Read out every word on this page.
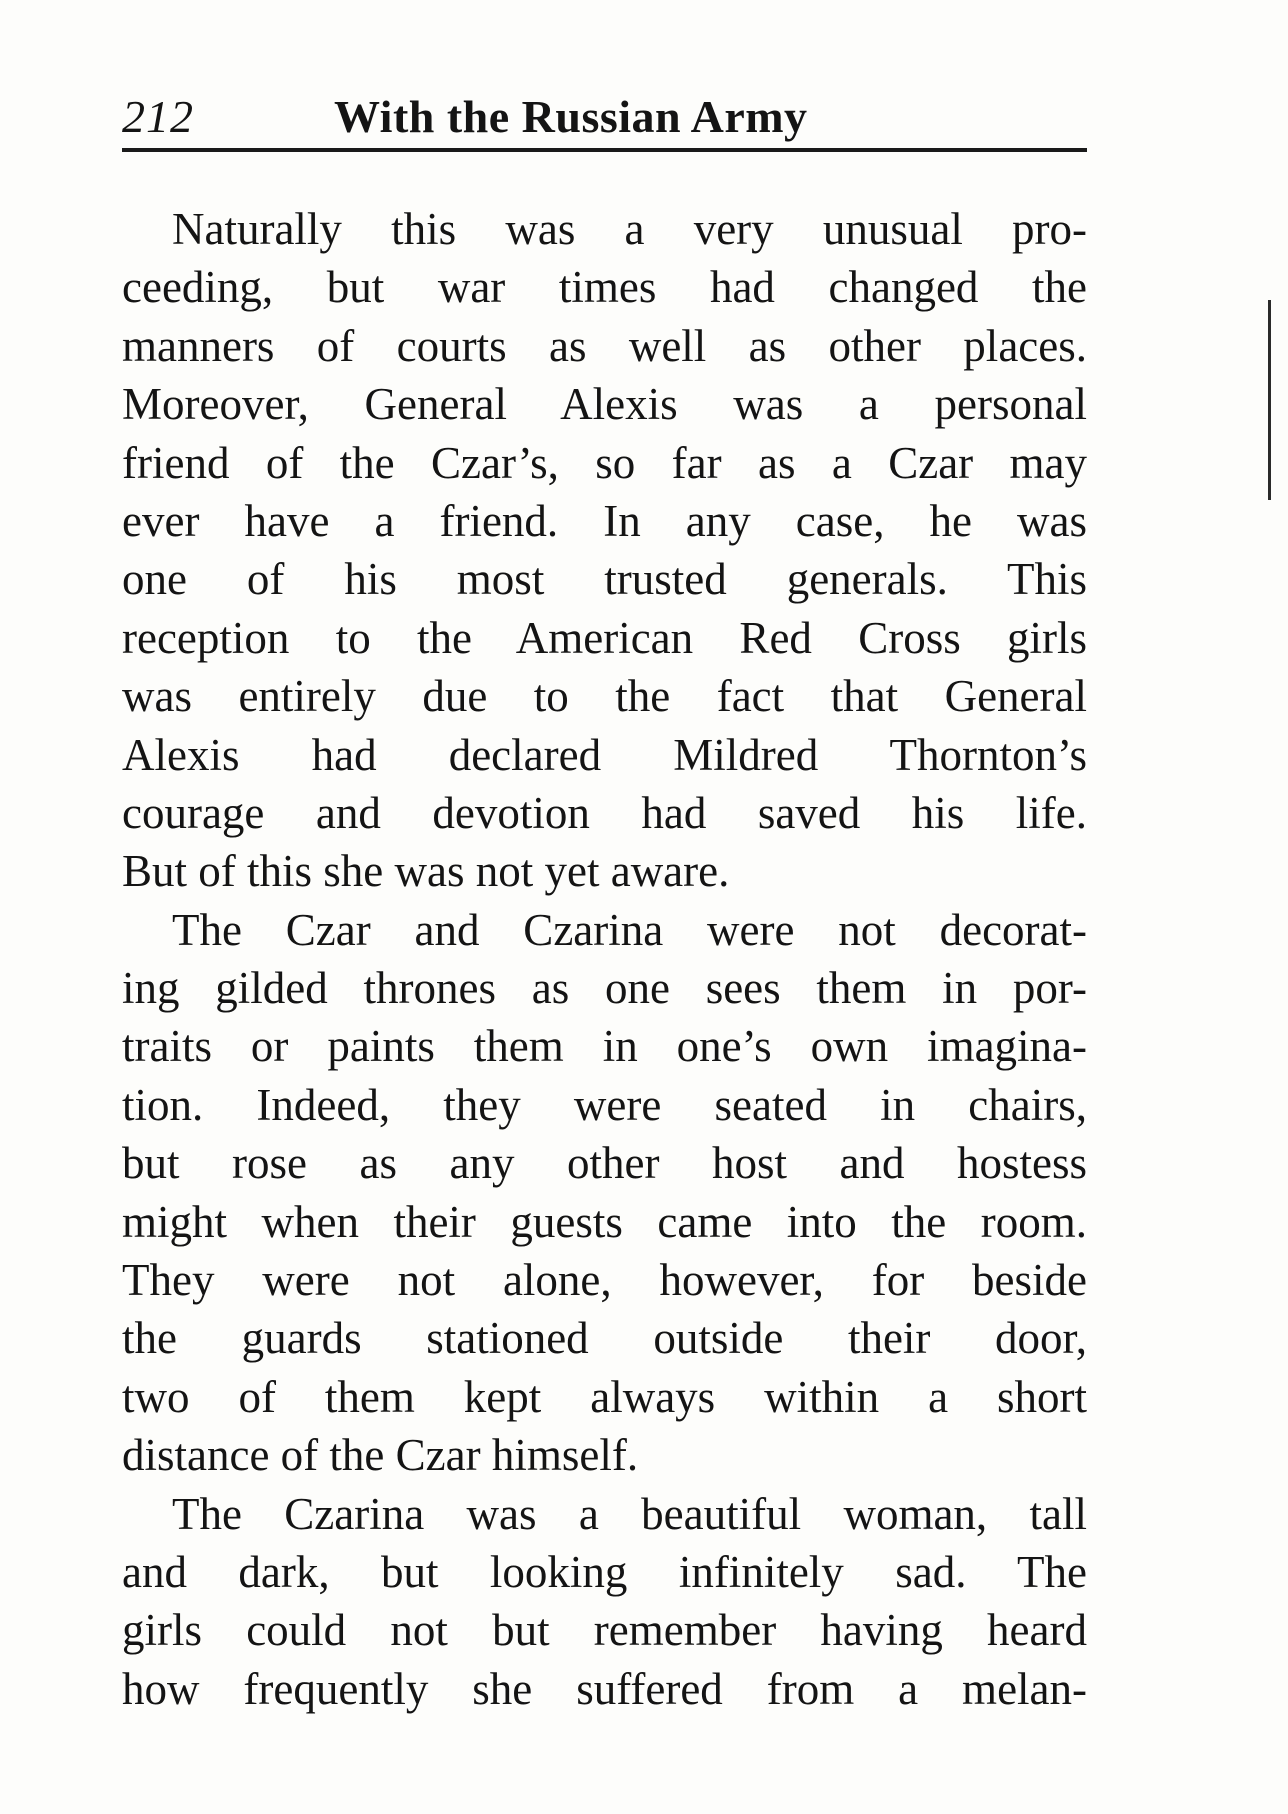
212	With the Russian Army
Naturally this was a very unusual pro-
ceeding, but war times had changed the
manners of courts as well as other places.
Moreover, General Alexis was a personal
friend of the Czar’s, so far as a Czar may
ever have a friend. In any case, he was
one of his most trusted generals. This
reception to the American Red Cross girls
was entirely due to the fact that General
Alexis had declared Mildred Thornton’s
courage and devotion had saved his life.
But of this she was not yet aware.
The Czar and Czarina were not decorat-
ing gilded thrones as one sees them in por-
traits or paints them in one’s own imagina-
tion. Indeed, they were seated in chairs,
but rose as any other host and hostess
might when their guests came into the room.
They were not alone, however, for beside
the guards stationed outside their door,
two of them kept always within a short
distance of the Czar himself.
The Czarina was a beautiful woman, tall
and dark, but looking infinitely sad. The
girls could not but remember having heard
how frequently she suffered from a melan-
